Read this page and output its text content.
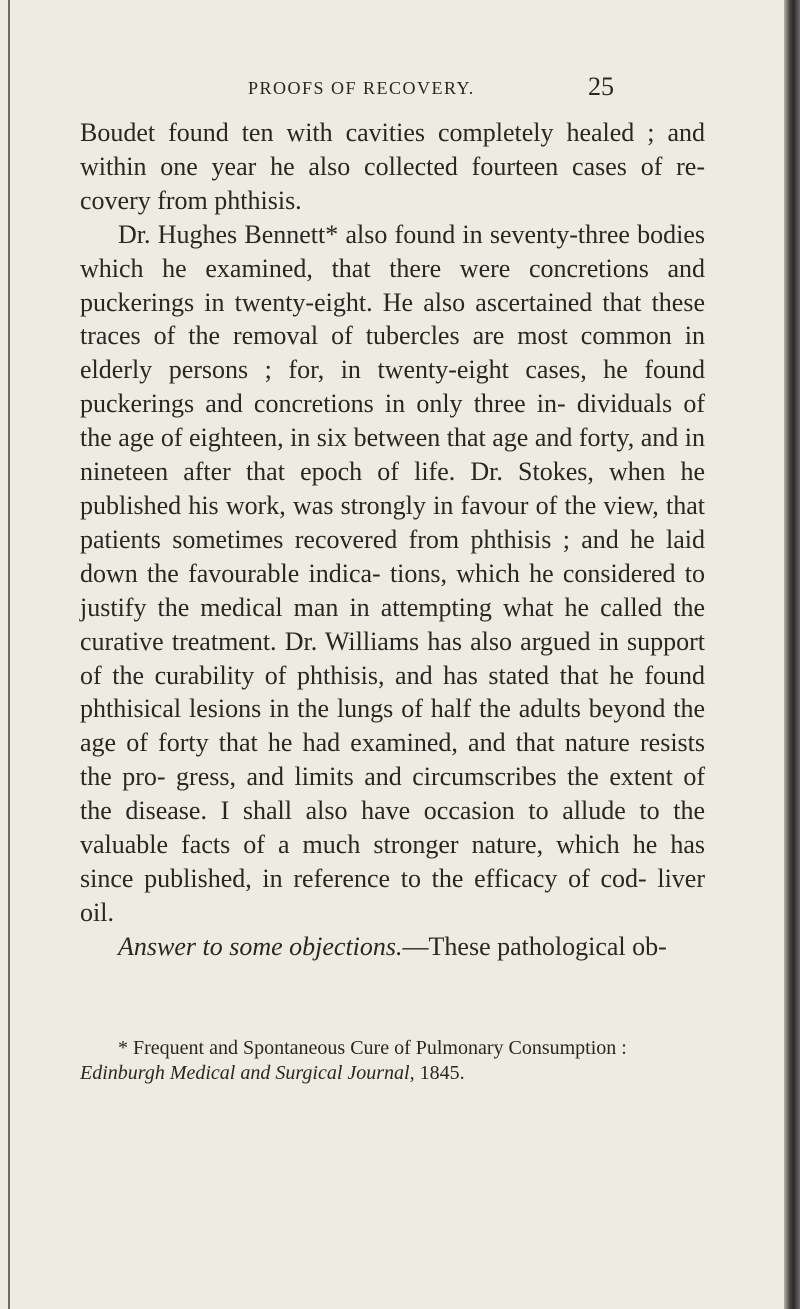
PROOFS OF RECOVERY.	25

Boudet found ten with cavities completely healed ; and within one year he also collected fourteen cases of re- covery from phthisis.

Dr. Hughes Bennett* also found in seventy-three bodies which he examined, that there were concretions and puckerings in twenty-eight. He also ascertained that these traces of the removal of tubercles are most common in elderly persons ; for, in twenty-eight cases, he found puckerings and concretions in only three in- dividuals of the age of eighteen, in six between that age and forty, and in nineteen after that epoch of life. Dr. Stokes, when he published his work, was strongly in favour of the view, that patients sometimes recovered from phthisis ; and he laid down the favourable indica- tions, which he considered to justify the medical man in attempting what he called the curative treatment. Dr. Williams has also argued in support of the curability of phthisis, and has stated that he found phthisical lesions in the lungs of half the adults beyond the age of forty that he had examined, and that nature resists the pro- gress, and limits and circumscribes the extent of the disease. I shall also have occasion to allude to the valuable facts of a much stronger nature, which he has since published, in reference to the efficacy of cod- liver oil.

Answer to some objections.—These pathological ob-

* Frequent and Spontaneous Cure of Pulmonary Consumption :
Edinburgh Medical and Surgical Journal, 1845.
